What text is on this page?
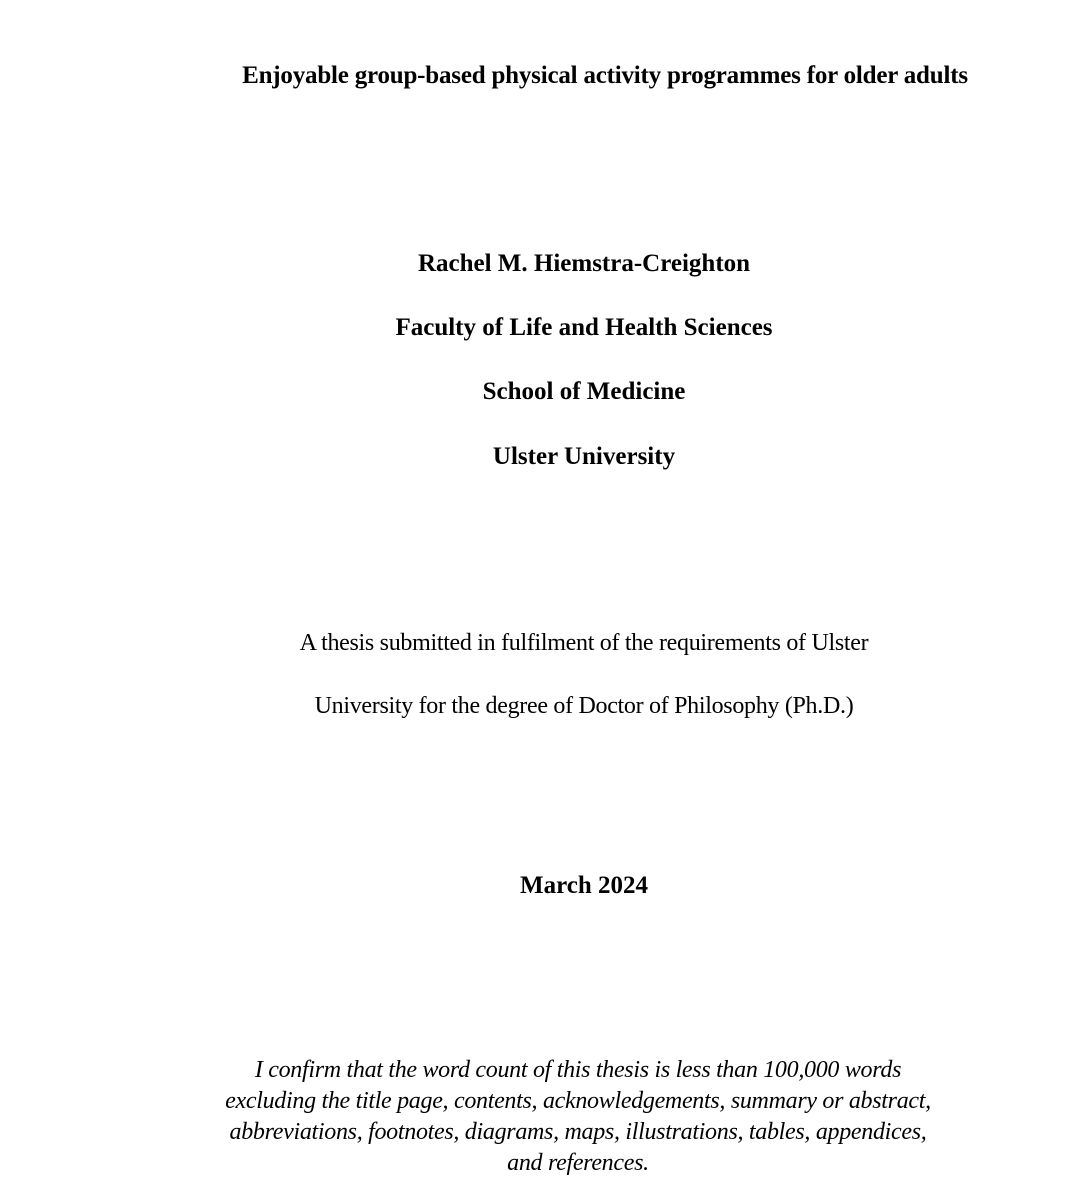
Enjoyable group-based physical activity programmes for older adults
Rachel M. Hiemstra-Creighton
Faculty of Life and Health Sciences
School of Medicine
Ulster University
A thesis submitted in fulfilment of the requirements of Ulster
University for the degree of Doctor of Philosophy (Ph.D.)
March 2024
I confirm that the word count of this thesis is less than 100,000 words
excluding the title page, contents, acknowledgements, summary or abstract,
abbreviations, footnotes, diagrams, maps, illustrations, tables, appendices,
and references.
